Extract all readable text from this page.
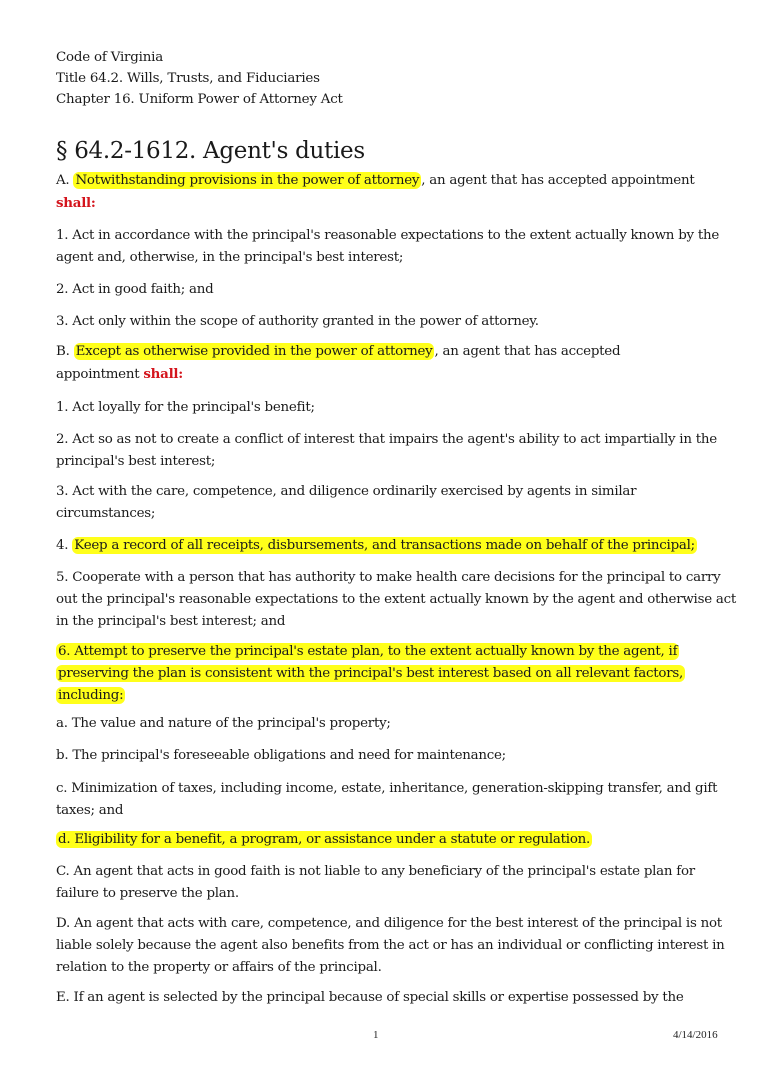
Code of Virginia
Title 64.2. Wills, Trusts, and Fiduciaries
Chapter 16. Uniform Power of Attorney Act
§ 64.2-1612. Agent's duties
A. Notwithstanding provisions in the power of attorney , an agent that has accepted appointment shall:
1. Act in accordance with the principal's reasonable expectations to the extent actually known by the agent and, otherwise, in the principal's best interest;
2. Act in good faith; and
3. Act only within the scope of authority granted in the power of attorney.
B. Except as otherwise provided in the power of attorney , an agent that has accepted appointment shall:
1. Act loyally for the principal's benefit;
2. Act so as not to create a conflict of interest that impairs the agent's ability to act impartially in the principal's best interest;
3. Act with the care, competence, and diligence ordinarily exercised by agents in similar circumstances;
4. Keep a record of all receipts, disbursements, and transactions made on behalf of the principal;
5. Cooperate with a person that has authority to make health care decisions for the principal to carry out the principal's reasonable expectations to the extent actually known by the agent and otherwise act in the principal's best interest; and
6. Attempt to preserve the principal's estate plan, to the extent actually known by the agent, if preserving the plan is consistent with the principal's best interest based on all relevant factors, including:
a. The value and nature of the principal's property;
b. The principal's foreseeable obligations and need for maintenance;
c. Minimization of taxes, including income, estate, inheritance, generation-skipping transfer, and gift taxes; and
d. Eligibility for a benefit, a program, or assistance under a statute or regulation.
C. An agent that acts in good faith is not liable to any beneficiary of the principal's estate plan for failure to preserve the plan.
D. An agent that acts with care, competence, and diligence for the best interest of the principal is not liable solely because the agent also benefits from the act or has an individual or conflicting interest in relation to the property or affairs of the principal.
E. If an agent is selected by the principal because of special skills or expertise possessed by the
1	4/14/2016
